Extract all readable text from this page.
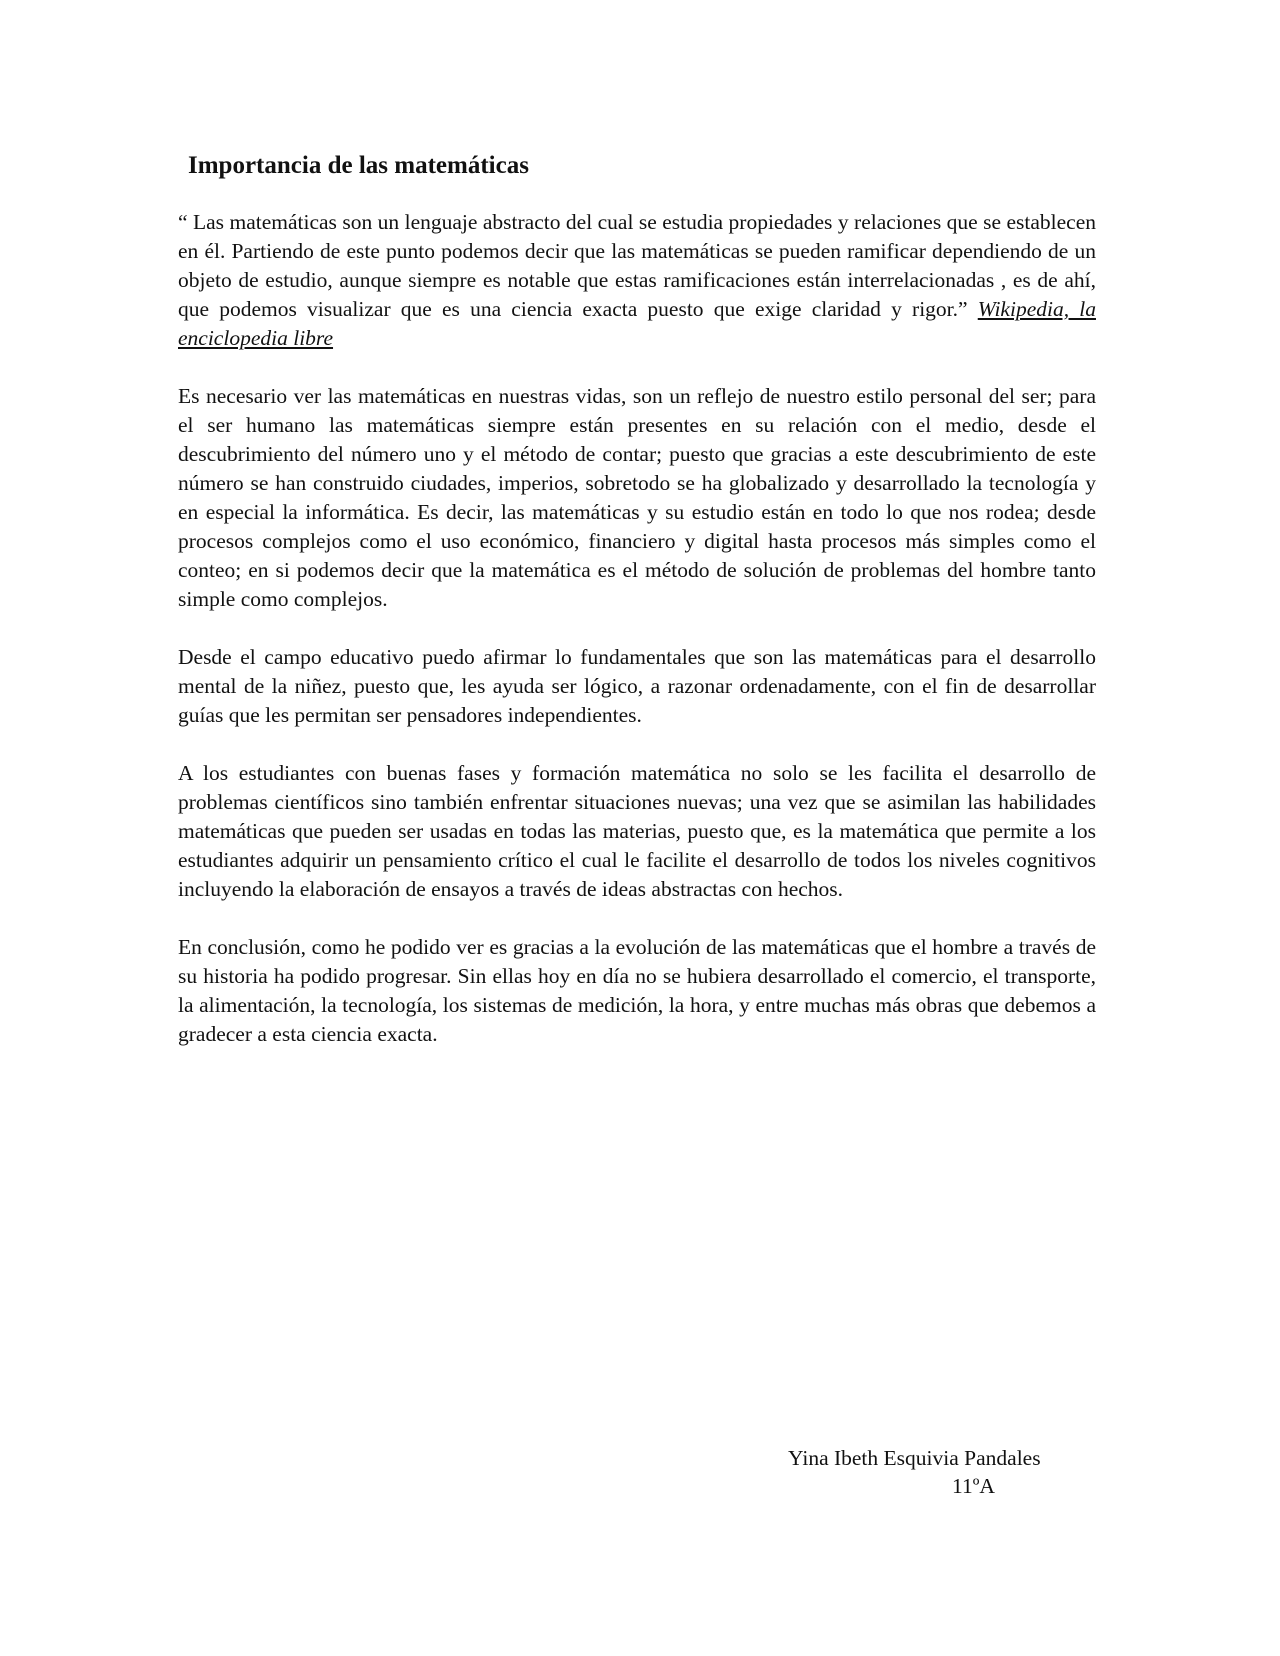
Importancia de las matemáticas

“ Las matemáticas son un lenguaje abstracto del cual se estudia propiedades y relaciones que se establecen en él. Partiendo de este punto podemos decir que las matemáticas se pueden ramificar dependiendo de un objeto de estudio, aunque siempre es notable que estas ramificaciones están interrelacionadas , es de ahí, que podemos visualizar que es una ciencia exacta puesto que exige claridad y rigor.” Wikipedia, la enciclopedia libre

Es necesario ver las matemáticas en nuestras vidas, son un reflejo de nuestro estilo personal del ser; para el ser humano las matemáticas siempre están presentes en su relación con el medio, desde el descubrimiento del número uno y el método de contar; puesto que gracias a este descubrimiento de este número se han construido ciudades, imperios, sobretodo se ha globalizado y desarrollado la tecnología y en especial la informática. Es decir, las matemáticas y su estudio están en todo lo que nos rodea; desde procesos complejos como el uso económico, financiero y digital hasta procesos más simples como el conteo; en si podemos decir que la matemática es el método de solución de problemas del hombre tanto simple como complejos.

Desde el campo educativo puedo afirmar lo fundamentales que son las matemáticas para el desarrollo mental de la niñez, puesto que, les ayuda ser lógico, a razonar ordenadamente, con el fin de desarrollar guías que les permitan ser pensadores independientes.

A los estudiantes con buenas fases y formación matemática no solo se les facilita el desarrollo de problemas científicos sino también enfrentar situaciones nuevas; una vez que se asimilan las habilidades matemáticas que pueden ser usadas en todas las materias, puesto que, es la matemática que permite a los estudiantes adquirir un pensamiento crítico el cual le facilite el desarrollo de todos los niveles cognitivos incluyendo la elaboración de ensayos a través de ideas abstractas con hechos.

En conclusión, como he podido ver es gracias a la evolución de las matemáticas que el hombre a través de su historia ha podido progresar. Sin ellas hoy en día no se hubiera desarrollado el comercio, el transporte, la alimentación, la tecnología, los sistemas de medición, la hora, y entre muchas más obras que debemos a gradecer a esta ciencia exacta.

Yina Ibeth Esquivia Pandales
11ºA
